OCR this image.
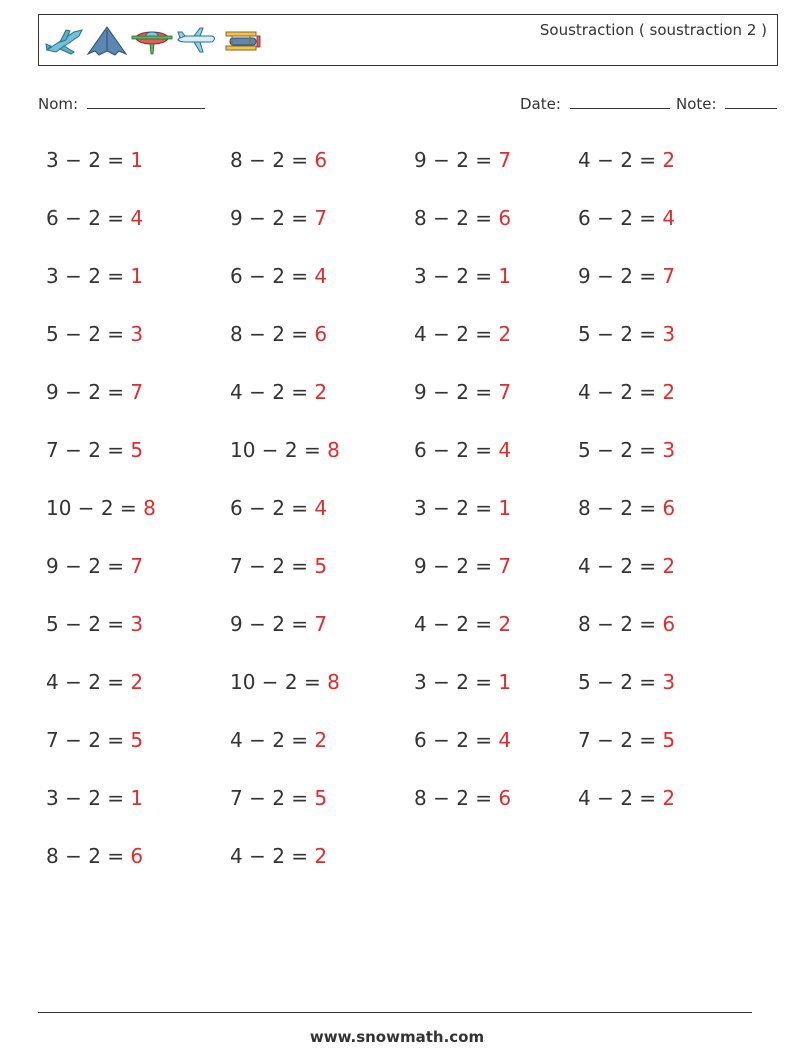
Soustraction ( soustraction 2 )
Nom:	Date:	Note:
3 − 2 = 1
6 − 2 = 4
3 − 2 = 1
5 − 2 = 3
9 − 2 = 7
7 − 2 = 5
10 − 2 = 8
9 − 2 = 7
5 − 2 = 3
4 − 2 = 2
7 − 2 = 5
3 − 2 = 1
8 − 2 = 6
8 − 2 = 6
9 − 2 = 7
6 − 2 = 4
8 − 2 = 6
4 − 2 = 2
10 − 2 = 8
6 − 2 = 4
7 − 2 = 5
9 − 2 = 7
10 − 2 = 8
4 − 2 = 2
7 − 2 = 5
4 − 2 = 2
9 − 2 = 7
8 − 2 = 6
3 − 2 = 1
4 − 2 = 2
9 − 2 = 7
6 − 2 = 4
3 − 2 = 1
9 − 2 = 7
4 − 2 = 2
3 − 2 = 1
6 − 2 = 4
8 − 2 = 6
4 − 2 = 2
6 − 2 = 4
9 − 2 = 7
5 − 2 = 3
4 − 2 = 2
5 − 2 = 3
8 − 2 = 6
4 − 2 = 2
8 − 2 = 6
5 − 2 = 3
7 − 2 = 5
4 − 2 = 2
www.snowmath.com
